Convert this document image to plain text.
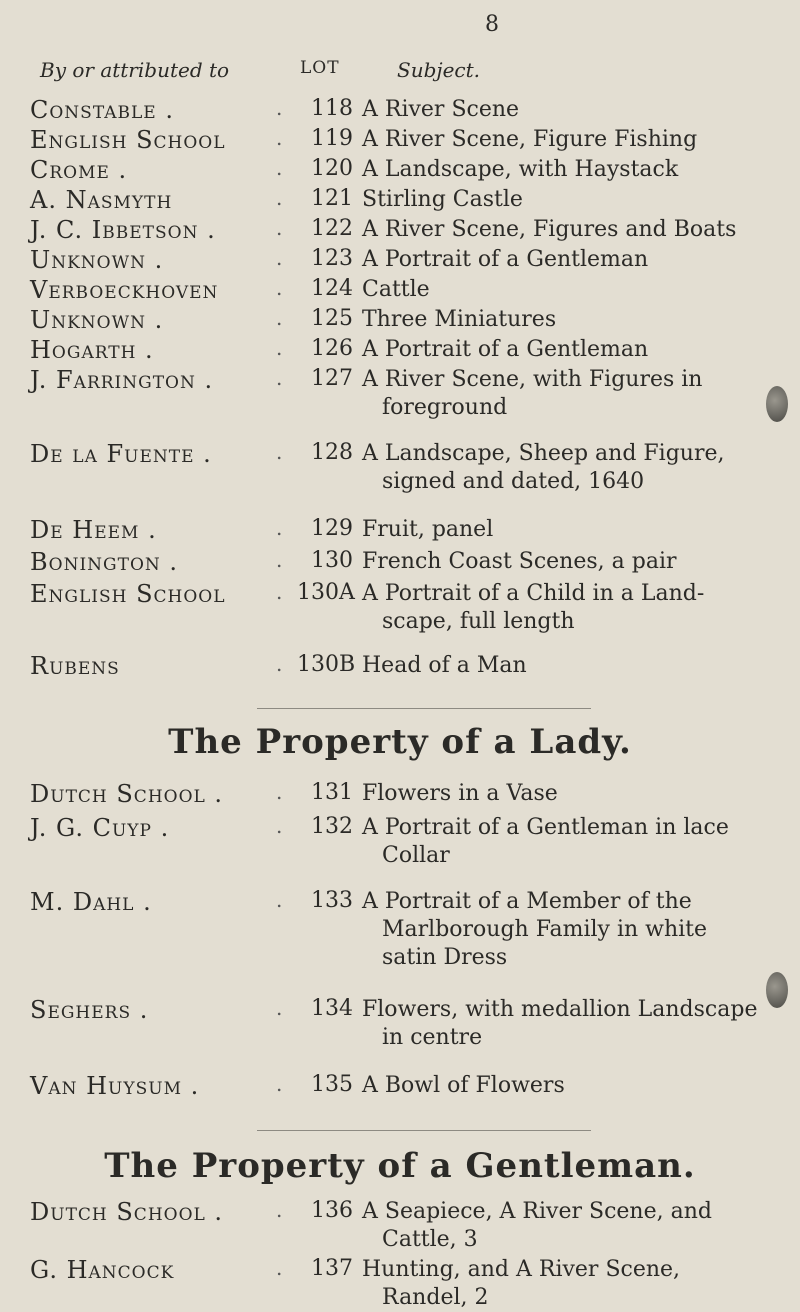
8
By or attributed to	LOT	Subject.
Constable .	.	118 A River Scene
English School	.	119 A River Scene, Figure Fishing
Crome .	.	120 A Landscape, with Haystack
A. Nasmyth	.	121 Stirling Castle
J. C. Ibbetson .	.	122 A River Scene, Figures and Boats
Unknown .	.	123 A Portrait of a Gentleman
Verboeckhoven	.	124 Cattle
Unknown .	.	125 Three Miniatures
Hogarth .	.	126 A Portrait of a Gentleman
J. Farrington .	.	127 A River Scene, with Figures in
foreground
De la Fuente .	.	128 A Landscape, Sheep and Figure,
signed and dated, 1640
De Heem .	.	129 Fruit, panel
Bonington .	.	130 French Coast Scenes, a pair
English School	. 130A A Portrait of a Child in a Land-
scape, full length
Rubens	. 130B Head of a Man
The Property of a Lady.
Dutch School .	.	131 Flowers in a Vase
J. G. Cuyp .	.	132 A Portrait of a Gentleman in lace
Collar
M. Dahl .	.	133 A Portrait of a Member of the
Marlborough Family in white
satin Dress
Seghers .	.	134 Flowers, with medallion Landscape
in centre
Van Huysum .	.	135 A Bowl of Flowers
The Property of a Gentleman.
Dutch School .	.	136 A Seapiece, A River Scene, and
Cattle, 3
G. Hancock	.	137 Hunting, and A River Scene,
Randel, 2
